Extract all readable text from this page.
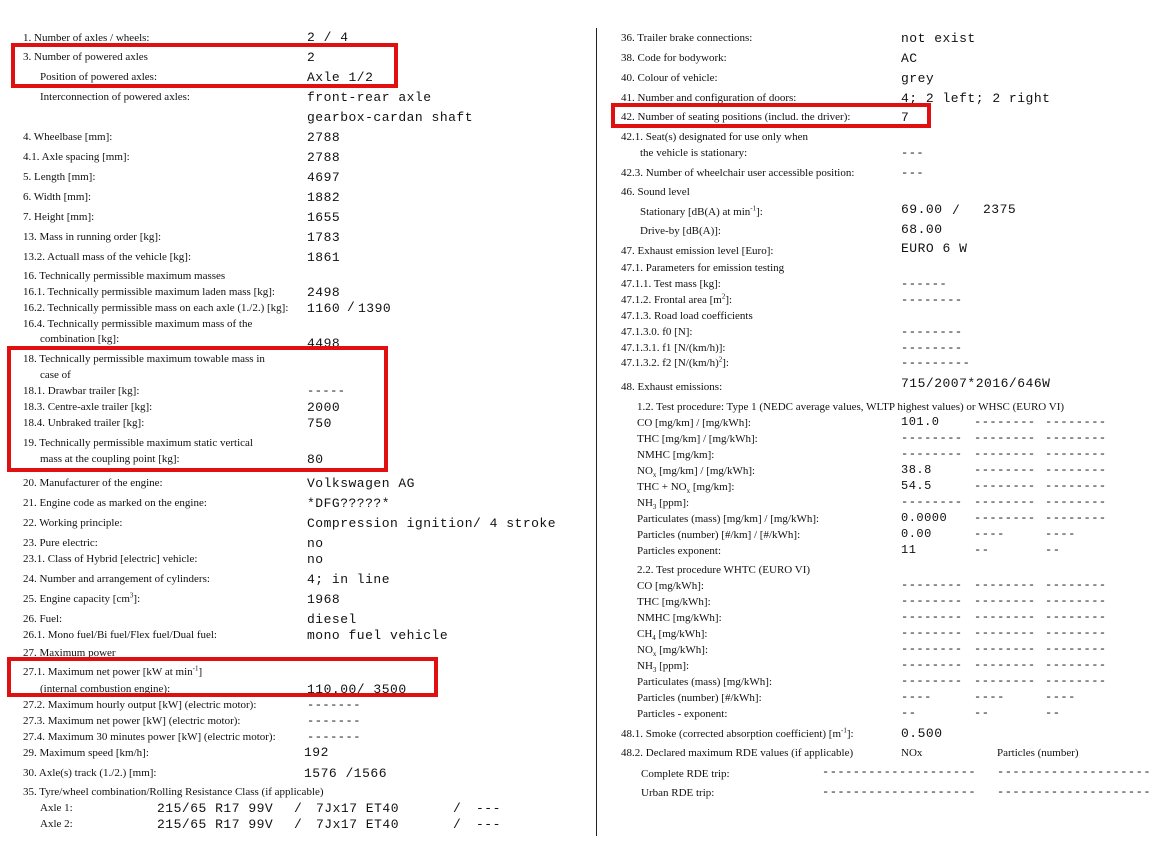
1. Number of axles / wheels:	2 / 4
3. Number of powered axles	2
Position of powered axles:	Axle 1/2
Interconnection of powered axles:	front-rear axle
gearbox-cardan shaft
4. Wheelbase [mm]:	2788
4.1. Axle spacing [mm]:	2788
5. Length [mm]:	4697
6. Width [mm]:	1882
7. Height [mm]:	1655
13. Mass in running order [kg]:	1783
13.2. Actuall mass of the vehicle [kg]:	1861
16. Technically permissible maximum masses
16.1. Technically permissible maximum laden mass [kg]: 2498
16.2. Technically permissible mass on each axle (1./2.) [kg]: 1160 / 1390
16.4. Technically permissible maximum mass of the
combination [kg]:	4498
18. Technically permissible maximum towable mass in
case of
18.1. Drawbar trailer [kg]:	-----
18.3. Centre-axle trailer [kg]:	2000
18.4. Unbraked trailer [kg]:	750
19. Technically permissible maximum static vertical
mass at the coupling point [kg]:	80
20. Manufacturer of the engine:	Volkswagen AG
21. Engine code as marked on the engine:	*DFG?????*
22. Working principle:	Compression ignition/ 4 stroke
23. Pure electric:	no
23.1. Class of Hybrid [electric] vehicle:	no
24. Number and arrangement of cylinders:	4; in line
25. Engine capacity $[cm^3]$:	1968
26. Fuel:	diesel
26.1. Mono fuel/Bi fuel/Flex fuel/Dual fuel:	mono fuel vehicle
27. Maximum power
27.1. Maximum net power [kW at $\min^{-1}$]
(internal combustion engine):	110.00/ 3500
27.2. Maximum hourly output [kW] (electric motor):	-------
27.3. Maximum net power [kW] (electric motor):	-------
27.4. Maximum 30 minutes power [kW] (electric motor):	-------
29. Maximum speed [km/h]:	192
30. Axle(s) track (1./2.) [mm]:	1576 /1566
35. Tyre/wheel combination/Rolling Resistance Class (if applicable)
Axle 1:	215/65 R17 99V / 7Jx17 ET40	/ ---
Axle 2:	215/65 R17 99V / 7Jx17 ET40	/ ---
36. Trailer brake connections:	not exist
38. Code for bodywork:	AC
40. Colour of vehicle:	grey
41. Number and configuration of doors:	4; 2 left; 2 right
42. Number of seating positions (includ. the driver):	7
42.1. Seat(s) designated for use only when
the vehicle is stationary:	---
42.3. Number of wheelchair user accessible position:	---
46. Sound level
Stationary [dB(A) at $\min^{-1}$]:	69.00 / 2375
Drive-by [dB(A)]:	68.00
47. Exhaust emission level [Euro]:	EURO 6 W
47.1. Parameters for emission testing
47.1.1. Test mass [kg]:	------
47.1.2. Frontal area $[m^2]$:	--------
47.1.3. Road load coefficients
47.1.3.0. f0 [N]:	--------
47.1.3.1. f1 [N/(km/h)]:	--------
47.1.3.2. f2 $[N/(km/h)^2]$:	---------
48. Exhaust emissions:	715/2007*2016/646W
1.2. Test procedure: Type 1 (NEDC average values, WLTP highest values) or WHSC (EURO VI)
CO [mg/km] / [mg/kWh]:	101.0	-------- --------
THC [mg/km] / [mg/kWh]:	-------- -------- --------
NMHC [mg/km]:	-------- -------- --------
$NO_x$ [mg/km] / [mg/kWh]:	38.8	-------- --------
THC + $NO_x$ [mg/km]:	54.5	-------- --------
$NH_3$ [ppm]:	-------- -------- --------
Particulates (mass) [mg/km] / [mg/kWh]:	0.0000 -------- --------
Particles (number) [#/km] / [#/kWh]:	0.00	----	----
Particles exponent:	11	--	--
2.2. Test procedure WHTC (EURO VI)
CO [mg/kWh]:	-------- -------- --------
THC [mg/kWh]:	-------- -------- --------
NMHC [mg/kWh]:	-------- -------- --------
$CH_4$ [mg/kWh]:	-------- -------- --------
$NO_x$ [mg/kWh]:	-------- -------- --------
$NH_3$ [ppm]:	-------- -------- --------
Particulates (mass) [mg/kWh]:	-------- -------- --------
Particles (number) [#/kWh]:	----	----	----
Particles - exponent:	--	--	--
48.1. Smoke (corrected absorption coefficient) $[m^{-1}]$:	0.500
48.2. Declared maximum RDE values (if applicable)	NOx	Particles (number)
Complete RDE trip:	-------------------- --------------------
Urban RDE trip:	-------------------- --------------------
